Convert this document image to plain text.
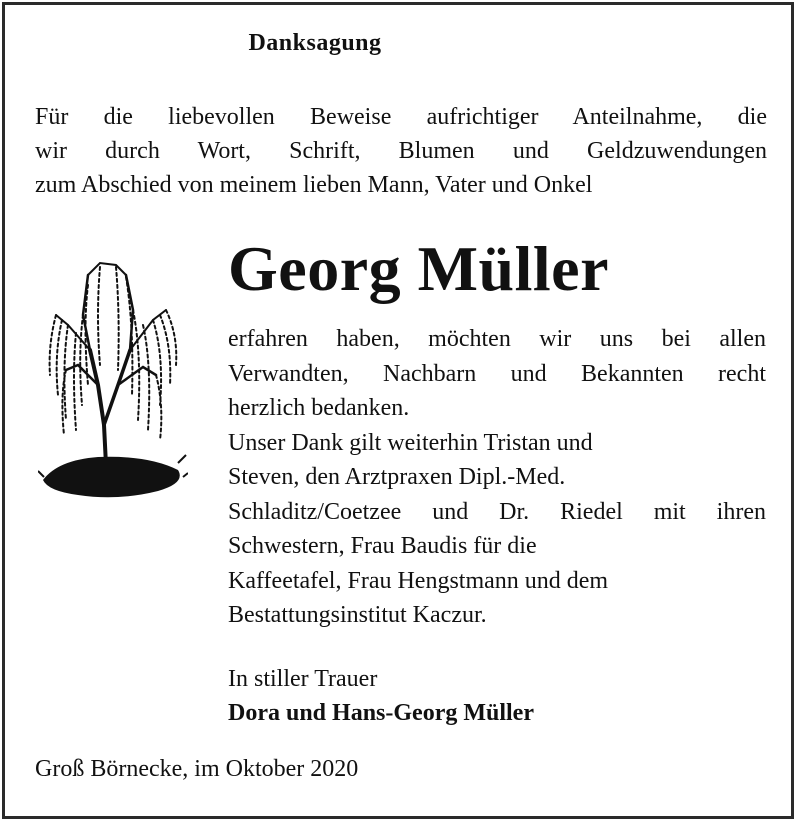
Danksagung
Für die liebevollen Beweise aufrichtiger Anteilnahme, die
wir durch Wort, Schrift, Blumen und Geldzuwendungen
zum Abschied von meinem lieben Mann, Vater und Onkel
Georg Müller
erfahren haben, möchten wir uns bei allen
Verwandten, Nachbarn und Bekannten recht
herzlich bedanken.
Unser Dank gilt weiterhin Tristan und
Steven, den Arztpraxen Dipl.-Med.
Schladitz/Coetzee und Dr. Riedel mit ihren
Schwestern, Frau Baudis für die
Kaffeetafel, Frau Hengstmann und dem
Bestattungsinstitut Kaczur.
In stiller Trauer
Dora und Hans-Georg Müller
Groß Börnecke, im Oktober 2020
